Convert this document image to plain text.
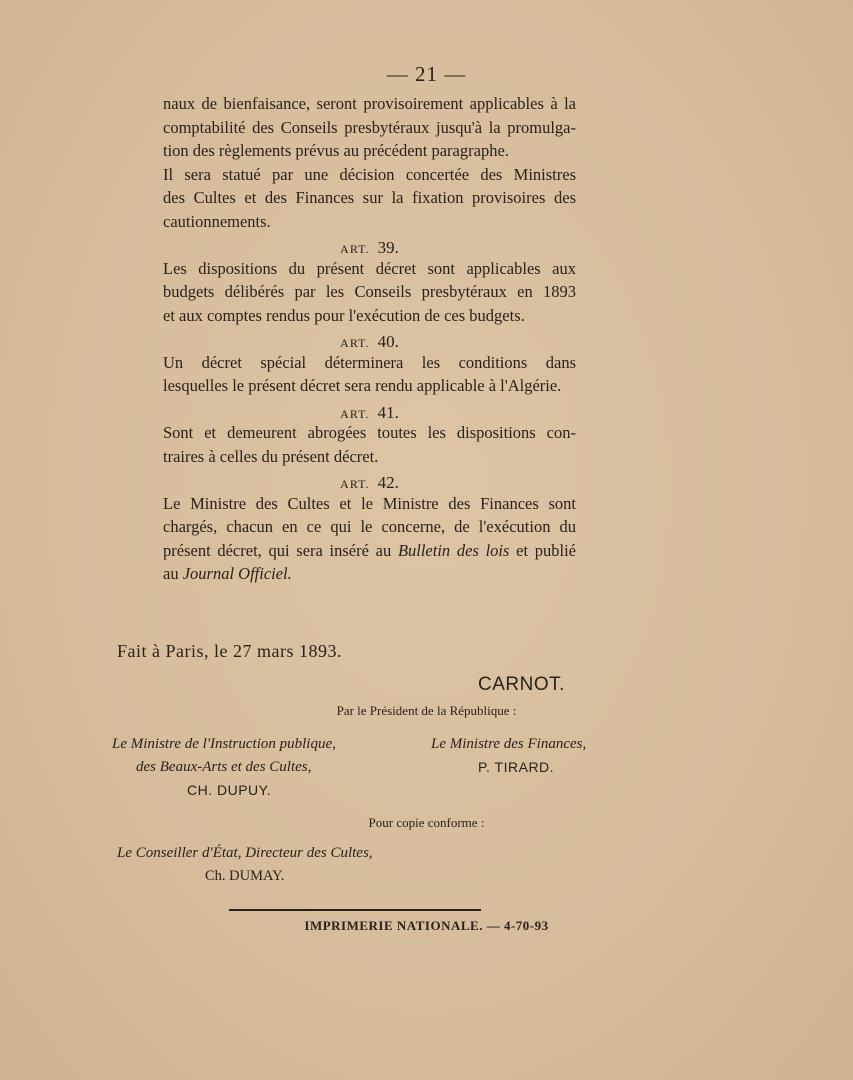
— 21 —

naux de bienfaisance, seront provisoirement applicables à la

comptabilité des Conseils presbytéraux jusqu'à la promulga-

tion des règlements prévus au précédent paragraphe.

Il sera statué par une décision concertée des Ministres

des Cultes et des Finances sur la fixation provisoires des

cautionnements.

ART. 39.

Les dispositions du présent décret sont applicables aux

budgets délibérés par les Conseils presbytéraux en 1893

et aux comptes rendus pour l'exécution de ces budgets.

ART. 40.

Un décret spécial déterminera les conditions dans

lesquelles le présent décret sera rendu applicable à l'Algérie.

ART. 41.

Sont et demeurent abrogées toutes les dispositions con-

traires à celles du présent décret.

ART. 42.

Le Ministre des Cultes et le Ministre des Finances sont

chargés, chacun en ce qui le concerne, de l'exécution du

présent décret, qui sera inséré au Bulletin des lois et publié

au Journal Officiel.

Fait à Paris, le 27 mars 1893.
CARNOT.
Par le Président de la République :
Le Ministre de l'Instruction publique,
des Beaux-Arts et des Cultes,
CH. DUPUY.
Le Ministre des Finances,
P. TIRARD.
Pour copie conforme :
Le Conseiller d'État, Directeur des Cultes,
Ch. DUMAY.
IMPRIMERIE NATIONALE. — 4-70-93
